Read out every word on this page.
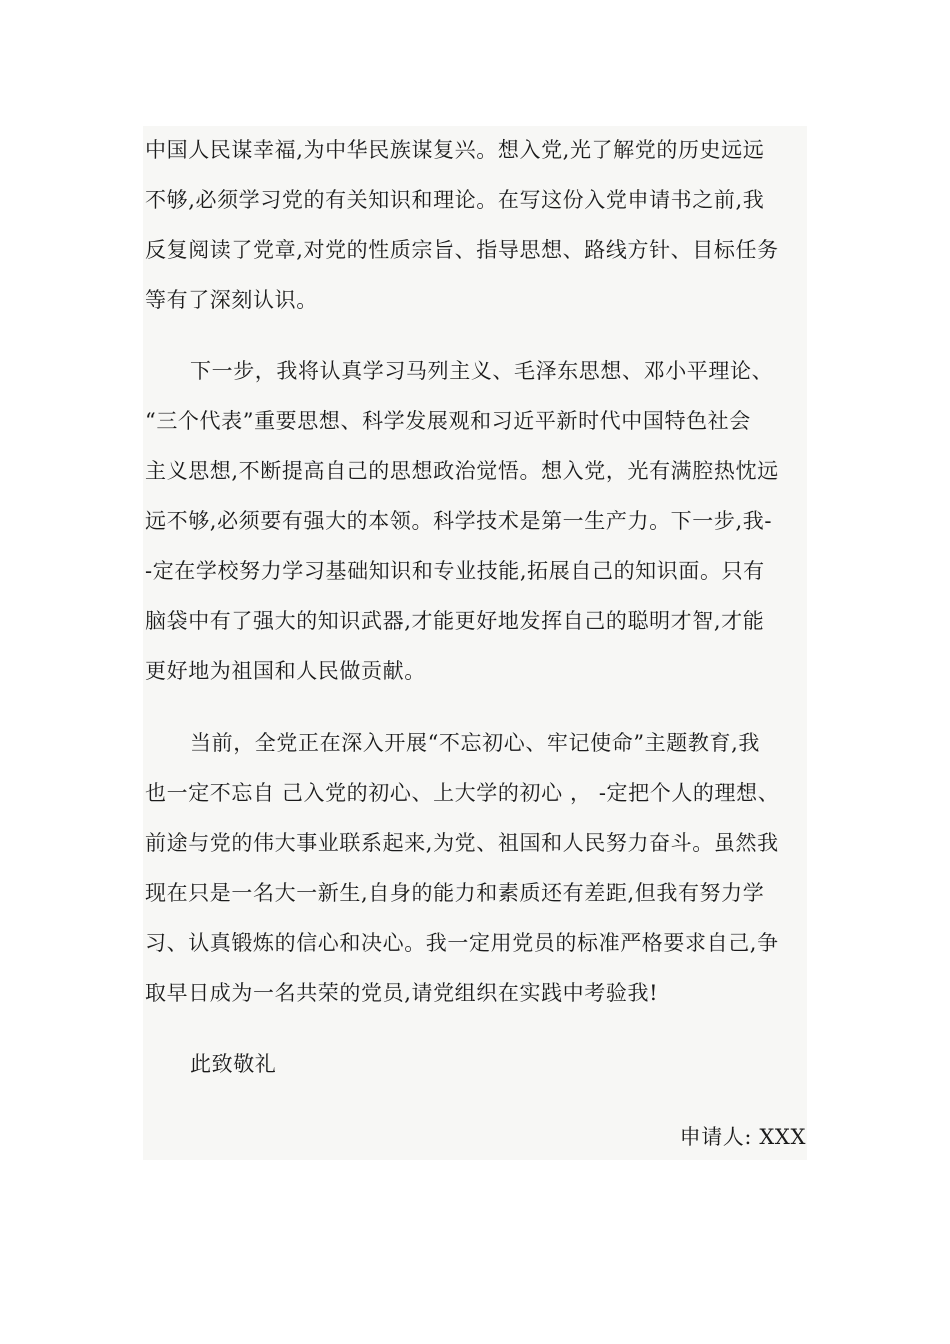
中国人民谋幸福,为中华民族谋复兴。想入党,光了解党的历史远远
不够,必须学习党的有关知识和理论。在写这份入党申请书之前,我
反复阅读了党章,对党的性质宗旨、指导思想、路线方针、目标任务
等有了深刻认识。
下一步，我将认真学习马列主义、毛泽东思想、邓小平理论、
“三个代表”重要思想、科学发展观和习近平新时代中国特色社会
主义思想,不断提高自己的思想政治觉悟。想入党，光有满腔热忱远
远不够,必须要有强大的本领。科学技术是第一生产力。下一步,我-
-定在学校努力学习基础知识和专业技能,拓展自己的知识面。只有
脑袋中有了强大的知识武器,才能更好地发挥自己的聪明才智,才能
更好地为祖国和人民做贡献。
当前，全党正在深入开展“不忘初心、牢记使命”主题教育,我
也一定不忘自 己入党的初心、上大学的初心 ， -定把个人的理想、
前途与党的伟大事业联系起来,为党、祖国和人民努力奋斗。虽然我
现在只是一名大一新生,自身的能力和素质还有差距,但我有努力学
习、认真锻炼的信心和决心。我一定用党员的标准严格要求自己,争
取早日成为一名共荣的党员,请党组织在实践中考验我!
此致敬礼
申请人: XXX
